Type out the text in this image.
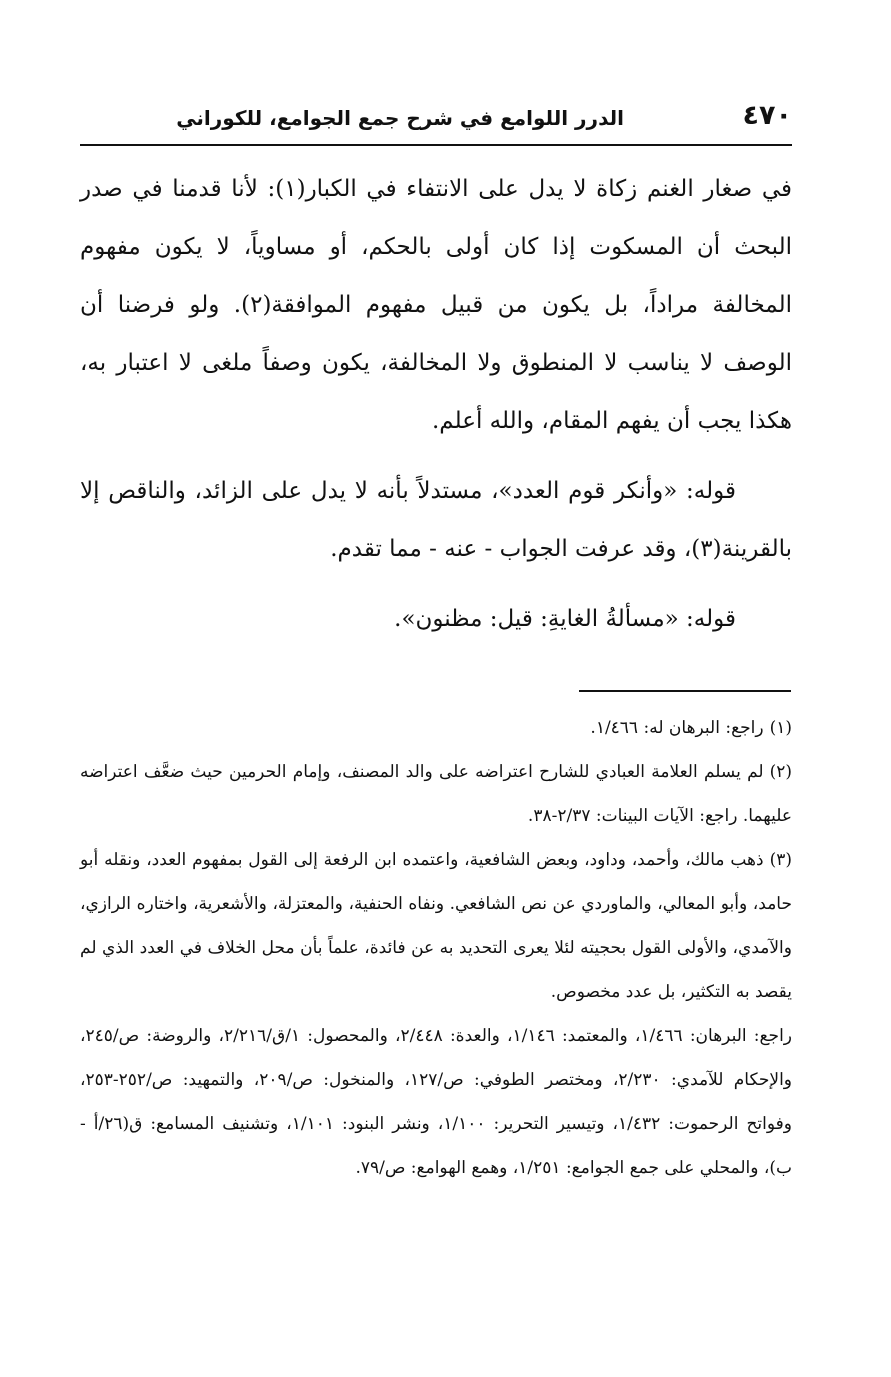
٤٧٠
الدرر اللوامع في شرح جمع الجوامع، للكوراني

في صغار الغنم زكاة لا يدل على الانتفاء في الكبار(١): لأنا قدمنا في صدر البحث أن المسكوت إذا كان أولى بالحكم، أو مساوياً، لا يكون مفهوم المخالفة مراداً، بل يكون من قبيل مفهوم الموافقة(٢). ولو فرضنا أن الوصف لا يناسب لا المنطوق ولا المخالفة، يكون وصفاً ملغى لا اعتبار به، هكذا يجب أن يفهم المقام، والله أعلم.

قوله: «وأنكر قوم العدد»، مستدلاً بأنه لا يدل على الزائد، والناقص إلا بالقرينة(٣)، وقد عرفت الجواب - عنه - مما تقدم.

قوله: «مسألةُ الغايةِ: قيل: مظنون».

(١)راجع: البرهان له: ١/٤٦٦.

(٢)لم يسلم العلامة العبادي للشارح اعتراضه على والد المصنف، وإمام الحرمين حيث ضعَّف اعتراضه عليهما. راجع: الآيات البينات: ٢/٣٧-٣٨.

(٣)ذهب مالك، وأحمد، وداود، وبعض الشافعية، واعتمده ابن الرفعة إلى القول بمفهوم العدد، ونقله أبو حامد، وأبو المعالي، والماوردي عن نص الشافعي. ونفاه الحنفية، والمعتزلة، والأشعرية، واختاره الرازي، والآمدي، والأولى القول بحجيته لئلا يعرى التحديد به عن فائدة، علماً بأن محل الخلاف في العدد الذي لم يقصد به التكثير، بل عدد مخصوص.

راجع: البرهان: ١/٤٦٦، والمعتمد: ١/١٤٦، والعدة: ٢/٤٤٨، والمحصول: ١/ق/٢/٢١٦، والروضة: ص/٢٤٥، والإحكام للآمدي: ٢/٢٣٠، ومختصر الطوفي: ص/١٢٧، والمنخول: ص/٢٠٩، والتمهيد: ص/٢٥٢-٢٥٣، وفواتح الرحموت: ١/٤٣٢، وتيسير التحرير: ١/١٠٠، ونشر البنود: ١/١٠١، وتشنيف المسامع: ق(٢٦/أ - ب)، والمحلي على جمع الجوامع: ١/٢٥١، وهمع الهوامع: ص/٧٩.
